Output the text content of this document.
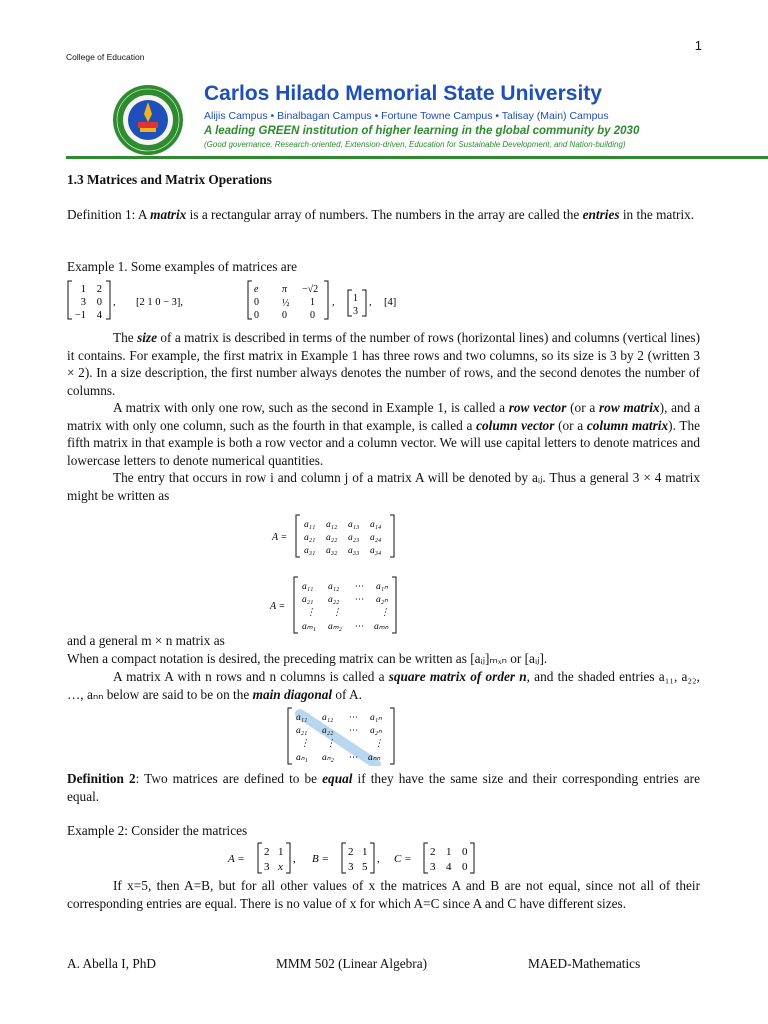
1
College of Education
Carlos Hilado Memorial State University
Alijis Campus • Binalbagan Campus • Fortune Towne Campus • Talisay (Main) Campus
A leading GREEN institution of higher learning in the global community by 2030
(Good governance, Research-oriented, Extension-driven, Education for Sustainable Development, and Nation-building)
1.3 Matrices and Matrix Operations
Definition 1: A matrix is a rectangular array of numbers. The numbers in the array are called the entries in the matrix.
Example 1. Some examples of matrices are
1 2
3 0
−1 4
, [2 1 0 − 3],
e π −√2
0 ½ 1
0 0 0
, 1
3
, [4]
The size of a matrix is described in terms of the number of rows (horizontal lines) and columns (vertical lines) it contains. For example, the first matrix in Example 1 has three rows and two columns, so its size is 3 by 2 (written 3 × 2). In a size description, the first number always denotes the number of rows, and the second denotes the number of columns.
A matrix with only one row, such as the second in Example 1, is called a row vector (or a row matrix), and a matrix with only one column, such as the fourth in that example, is called a column vector (or a column matrix). The fifth matrix in that example is both a row vector and a column vector. We will use capital letters to denote matrices and lowercase letters to denote numerical quantities.
The entry that occurs in row i and column j of a matrix A will be denoted by aᵢⱼ. Thus a general 3 × 4 matrix might be written as
A =
a₁₁ a₁₂ a₁₃ a₁₄
a₂₁ a₂₂ a₂₃ a₂₄
a₃₁ a₃₂ a₃₃ a₃₄
A =
a₁₁ a₁₂ ⋯ a₁ₙ
a₂₁ a₂₂ ⋯ a₂ₙ
⋮ ⋮	⋮
aₘ₁ aₘ₂ ⋯ aₘₙ
and a general m × n matrix as
When a compact notation is desired, the preceding matrix can be written as [aᵢⱼ]ₘₓₙ or [aᵢⱼ].
A matrix A with n rows and n columns is called a square matrix of order n, and the shaded entries a₁₁, a₂₂, …, aₙₙ below are said to be on the main diagonal of A.
a₁₁ a₁₂ ⋯ a₁ₙ
a₂₁ a₂₂ ⋯ a₂ₙ
⋮ ⋮	⋮
aₙ₁ aₙ₂ ⋯ aₙₙ
Definition 2: Two matrices are defined to be equal if they have the same size and their corresponding entries are equal.
Example 2: Consider the matrices
A =
2 1
3 x
, B =
2 1
3 5
, C =
2 1 0
3 4 0
If x=5, then A=B, but for all other values of x the matrices A and B are not equal, since not all of their corresponding entries are equal. There is no value of x for which A=C since A and C have different sizes.
A. Abella I, PhD	MMM 502 (Linear Algebra)	MAED-Mathematics
